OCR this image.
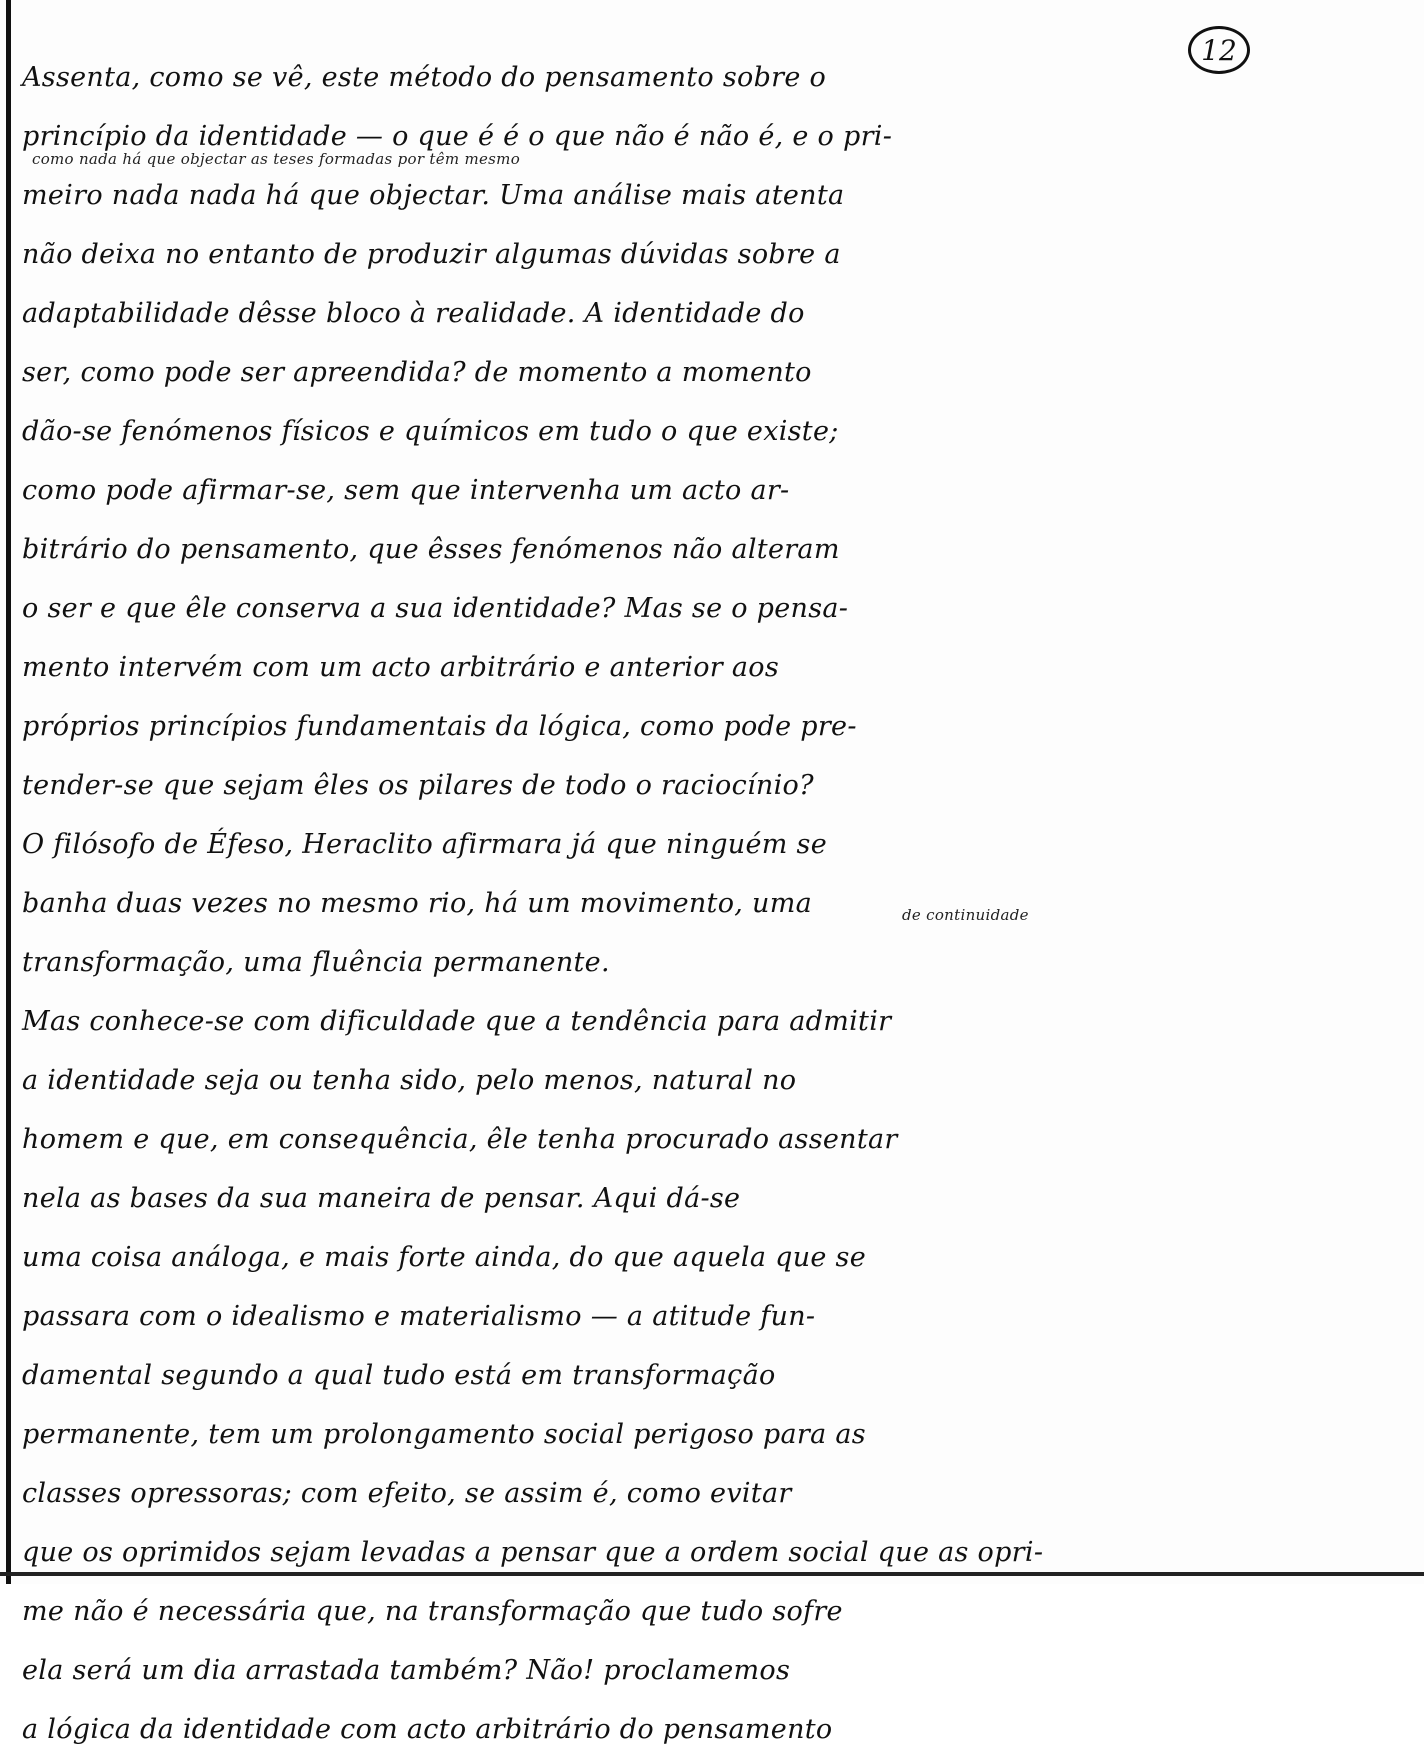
12
Assenta, como se vê, este método do pensamento sobre o
princípio da identidade — o que é é o que não é não é, e o pri-
como nada há que objectar as teses formadas por têm mesmo
meiro nada nada há que objectar. Uma análise mais atenta
não deixa no entanto de produzir algumas dúvidas sobre a
adaptabilidade dêsse bloco à realidade. A identidade do
ser, como pode ser apreendida? de momento a momento
dão-se fenómenos físicos e químicos em tudo o que existe;
como pode afirmar-se, sem que intervenha um acto ar-
bitrário do pensamento, que êsses fenómenos não alteram
o ser e que êle conserva a sua identidade? Mas se o pensa-
mento intervém com um acto arbitrário e anterior aos
próprios princípios fundamentais da lógica, como pode pre-
tender-se que sejam êles os pilares de todo o raciocínio?
O filósofo de Éfeso, Heraclito afirmara já que ninguém se
banha duas vezes no mesmo rio, há um movimento, uma
transformação, uma fluência permanente.
de continuidade
Mas conhece-se com dificuldade que a tendência para admitir
a identidade seja ou tenha sido, pelo menos, natural no
homem e que, em consequência, êle tenha procurado assentar
nela as bases da sua maneira de pensar. Aqui dá-se
uma coisa análoga, e mais forte ainda, do que aquela que se
passara com o idealismo e materialismo — a atitude fun-
damental segundo a qual tudo está em transformação
permanente, tem um prolongamento social perigoso para as
classes opressoras; com efeito, se assim é, como evitar
que os oprimidos sejam levadas a pensar que a ordem social que as opri-
me não é necessária que, na transformação que tudo sofre
ela será um dia arrastada também? Não! proclamemos
a lógica da identidade com acto arbitrário do pensamento
